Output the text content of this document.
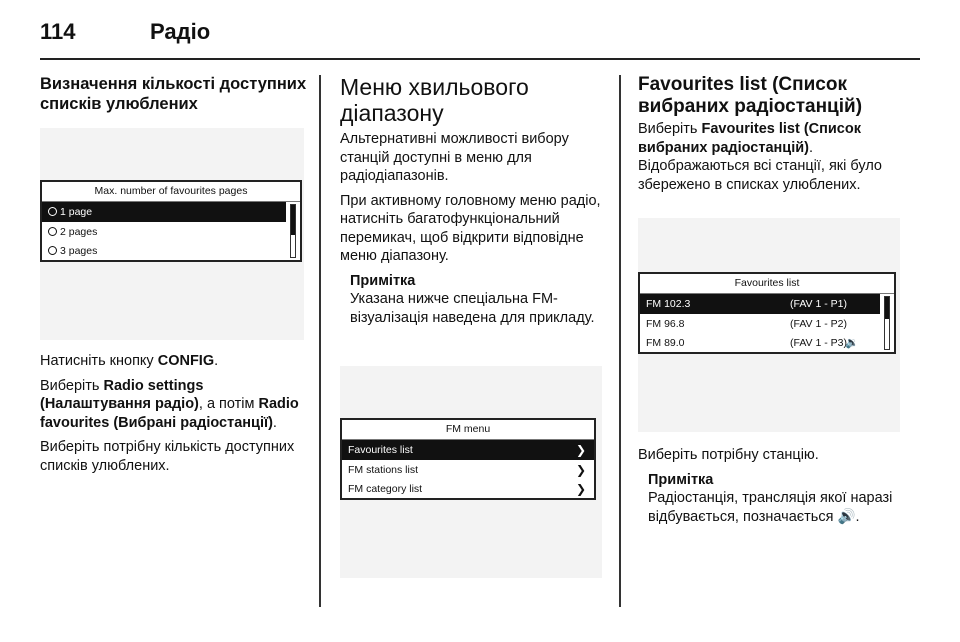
114	Радіо
Визначення кількості доступних списків улюблених
Max. number of favourites pages
1 page
2 pages
3 pages

Натисніть кнопку CONFIG.

Виберіть Radio settings (Налаштування радіо), а потім Radio favourites (Вибрані радіостанції).

Виберіть потрібну кількість доступних списків улюблених.

Меню хвильового діапазону

Альтернативні можливості вибору станцій доступні в меню для радіодіапазонів.

При активному головному меню радіо, натисніть багатофункціональний перемикач, щоб відкрити відповідне меню діапазону.

Примітка
Указана нижче спеціальна FM-візуалізація наведена для прикладу.
FM menu
Favourites list	❯
FM stations list	❯
FM category list	❯
Favourites list (Список вибраних радіостанцій)

Виберіть Favourites list (Список вибраних радіостанцій).

Відображаються всі станції, які було збережено в списках улюблених.

Favourites list
FM 102.3	(FAV 1 - P1)
FM 96.8	(FAV 1 - P2)
FM 89.0	(FAV 1 - P3)
🔉

Виберіть потрібну станцію.

Примітка
Радіостанція, трансляція якої наразі відбувається, позначається 🔊.
